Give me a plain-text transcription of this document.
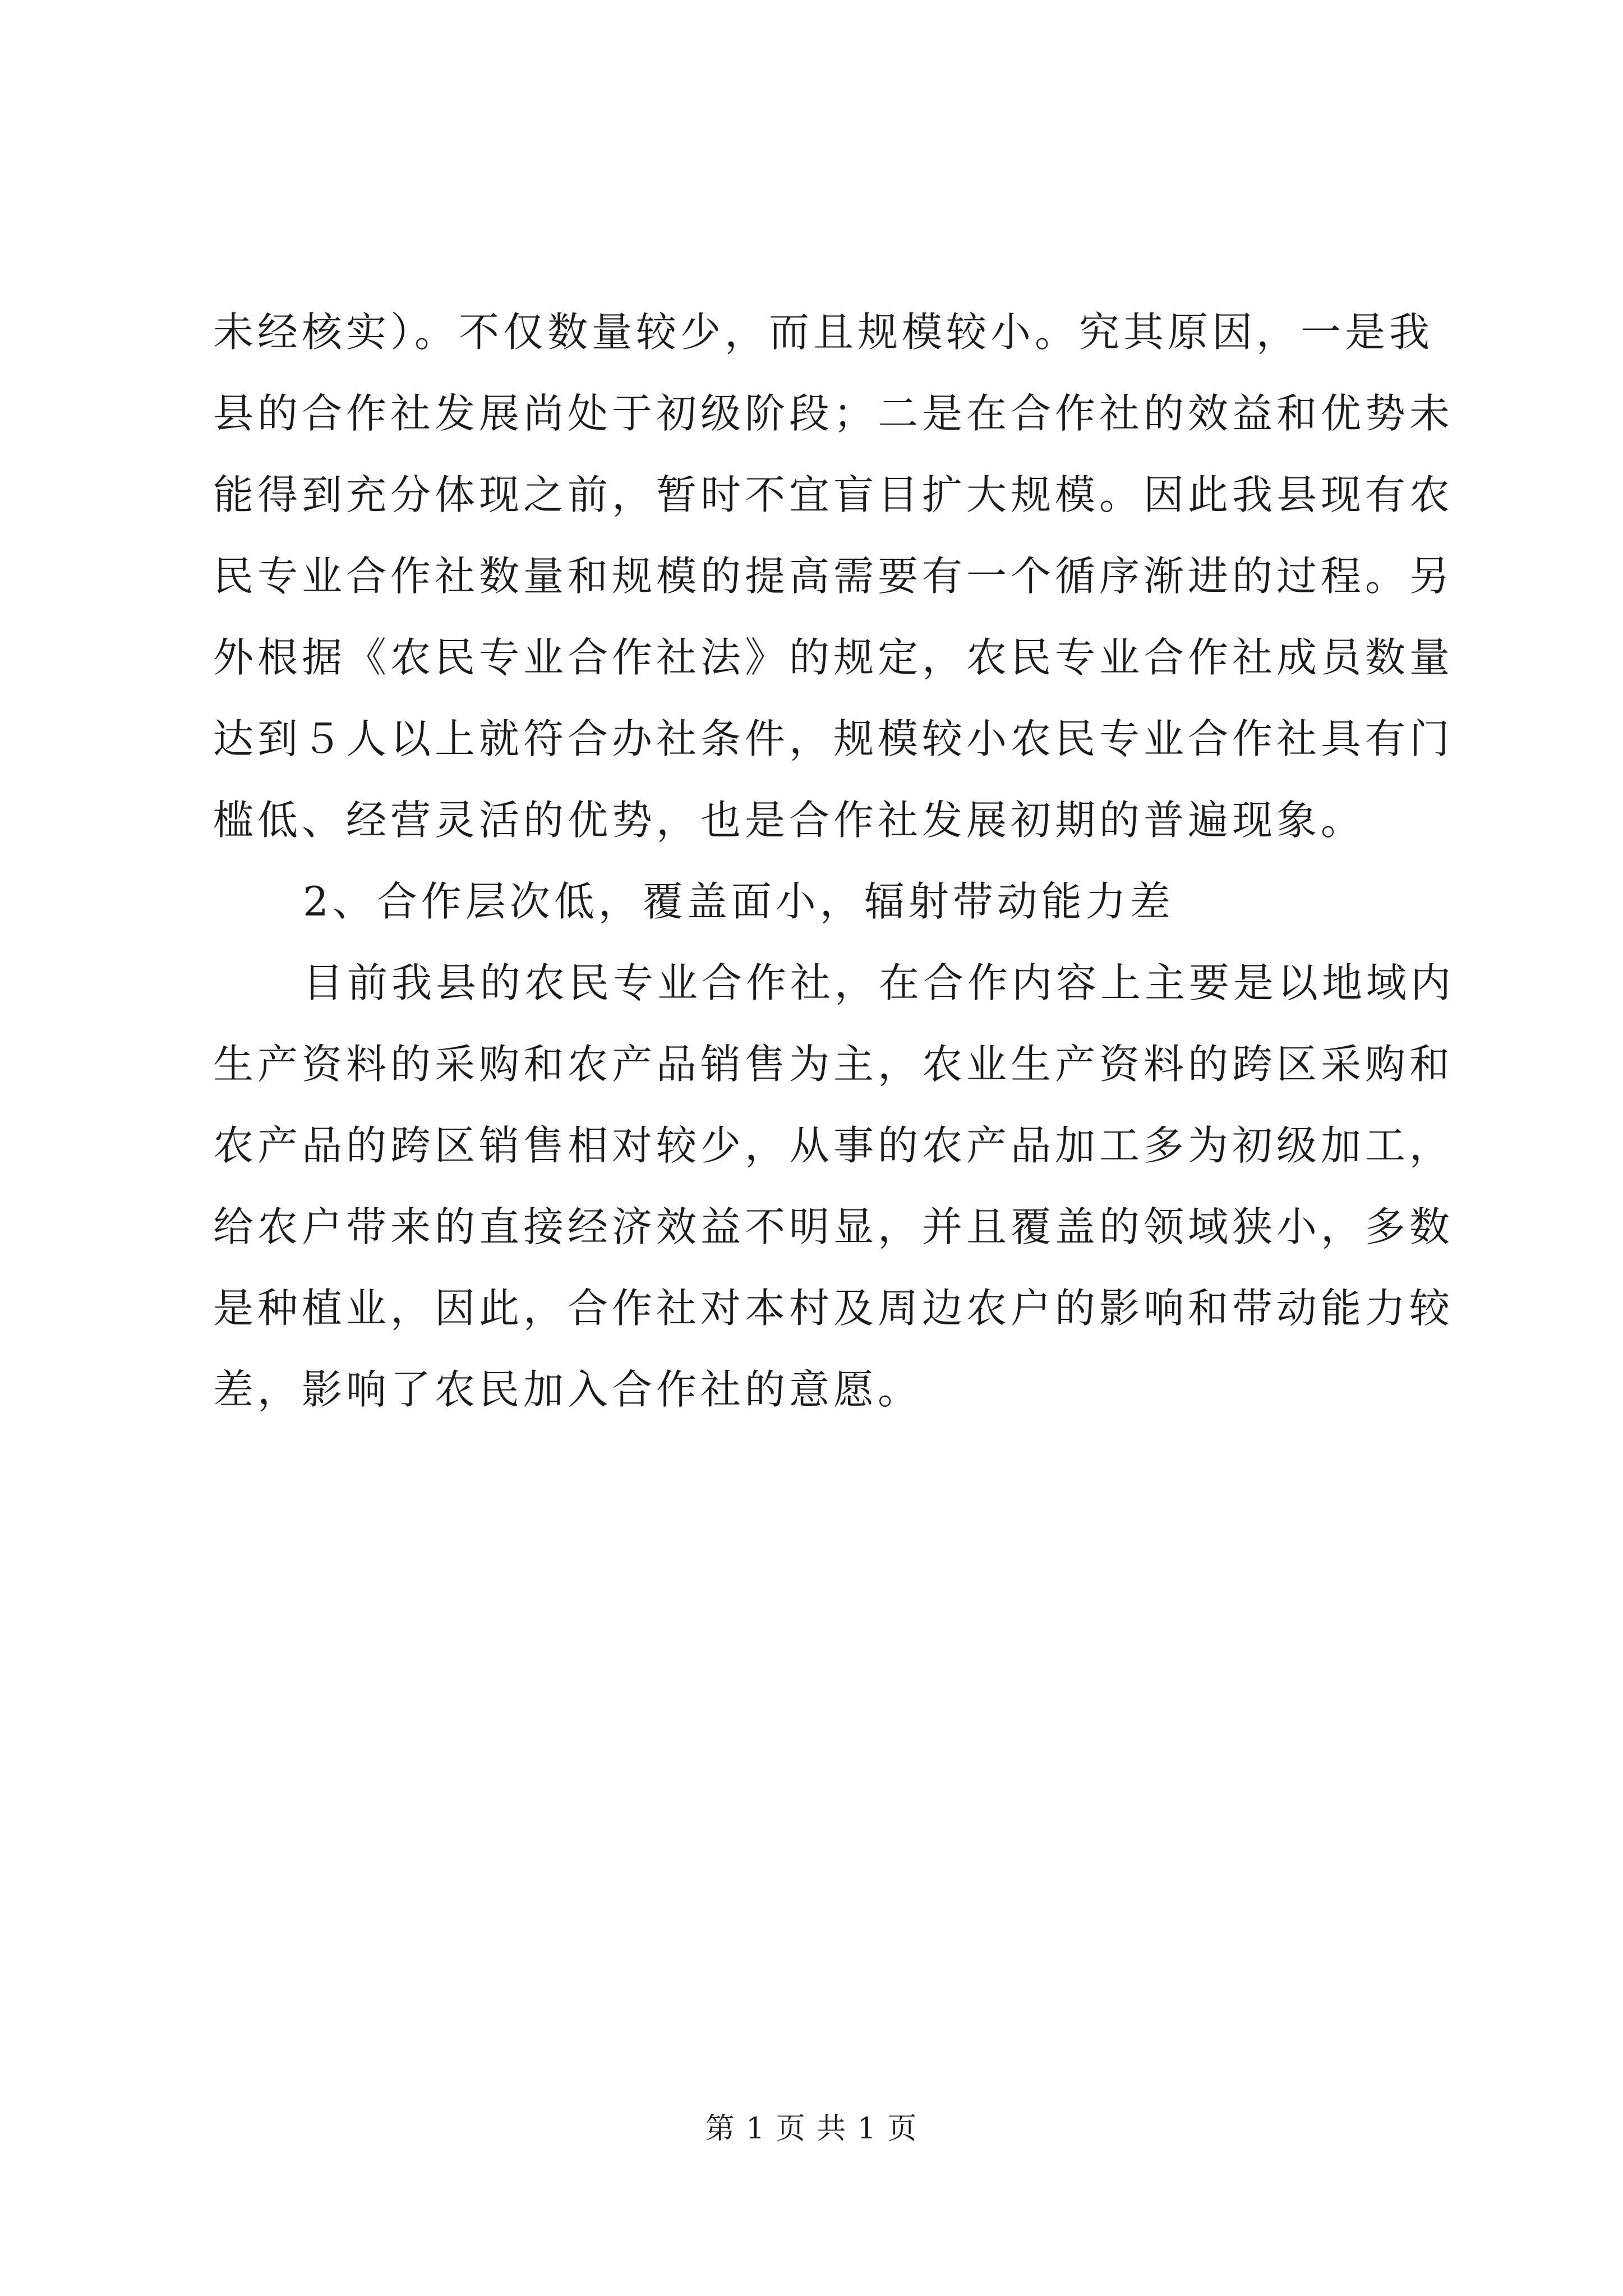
未经核实）。不仅数量较少，而且规模较小。究其原因，一是我
县的合作社发展尚处于初级阶段；二是在合作社的效益和优势未
能得到充分体现之前，暂时不宜盲目扩大规模。因此我县现有农
民专业合作社数量和规模的提高需要有一个循序渐进的过程。另
外根据《农民专业合作社法》的规定，农民专业合作社成员数量
达到５人以上就符合办社条件，规模较小农民专业合作社具有门
槛低、经营灵活的优势，也是合作社发展初期的普遍现象。
2、合作层次低，覆盖面小，辐射带动能力差
目前我县的农民专业合作社，在合作内容上主要是以地域内
生产资料的采购和农产品销售为主，农业生产资料的跨区采购和
农产品的跨区销售相对较少，从事的农产品加工多为初级加工，
给农户带来的直接经济效益不明显，并且覆盖的领域狭小，多数
是种植业，因此，合作社对本村及周边农户的影响和带动能力较
差，影响了农民加入合作社的意愿。
第 1 页 共 1 页
